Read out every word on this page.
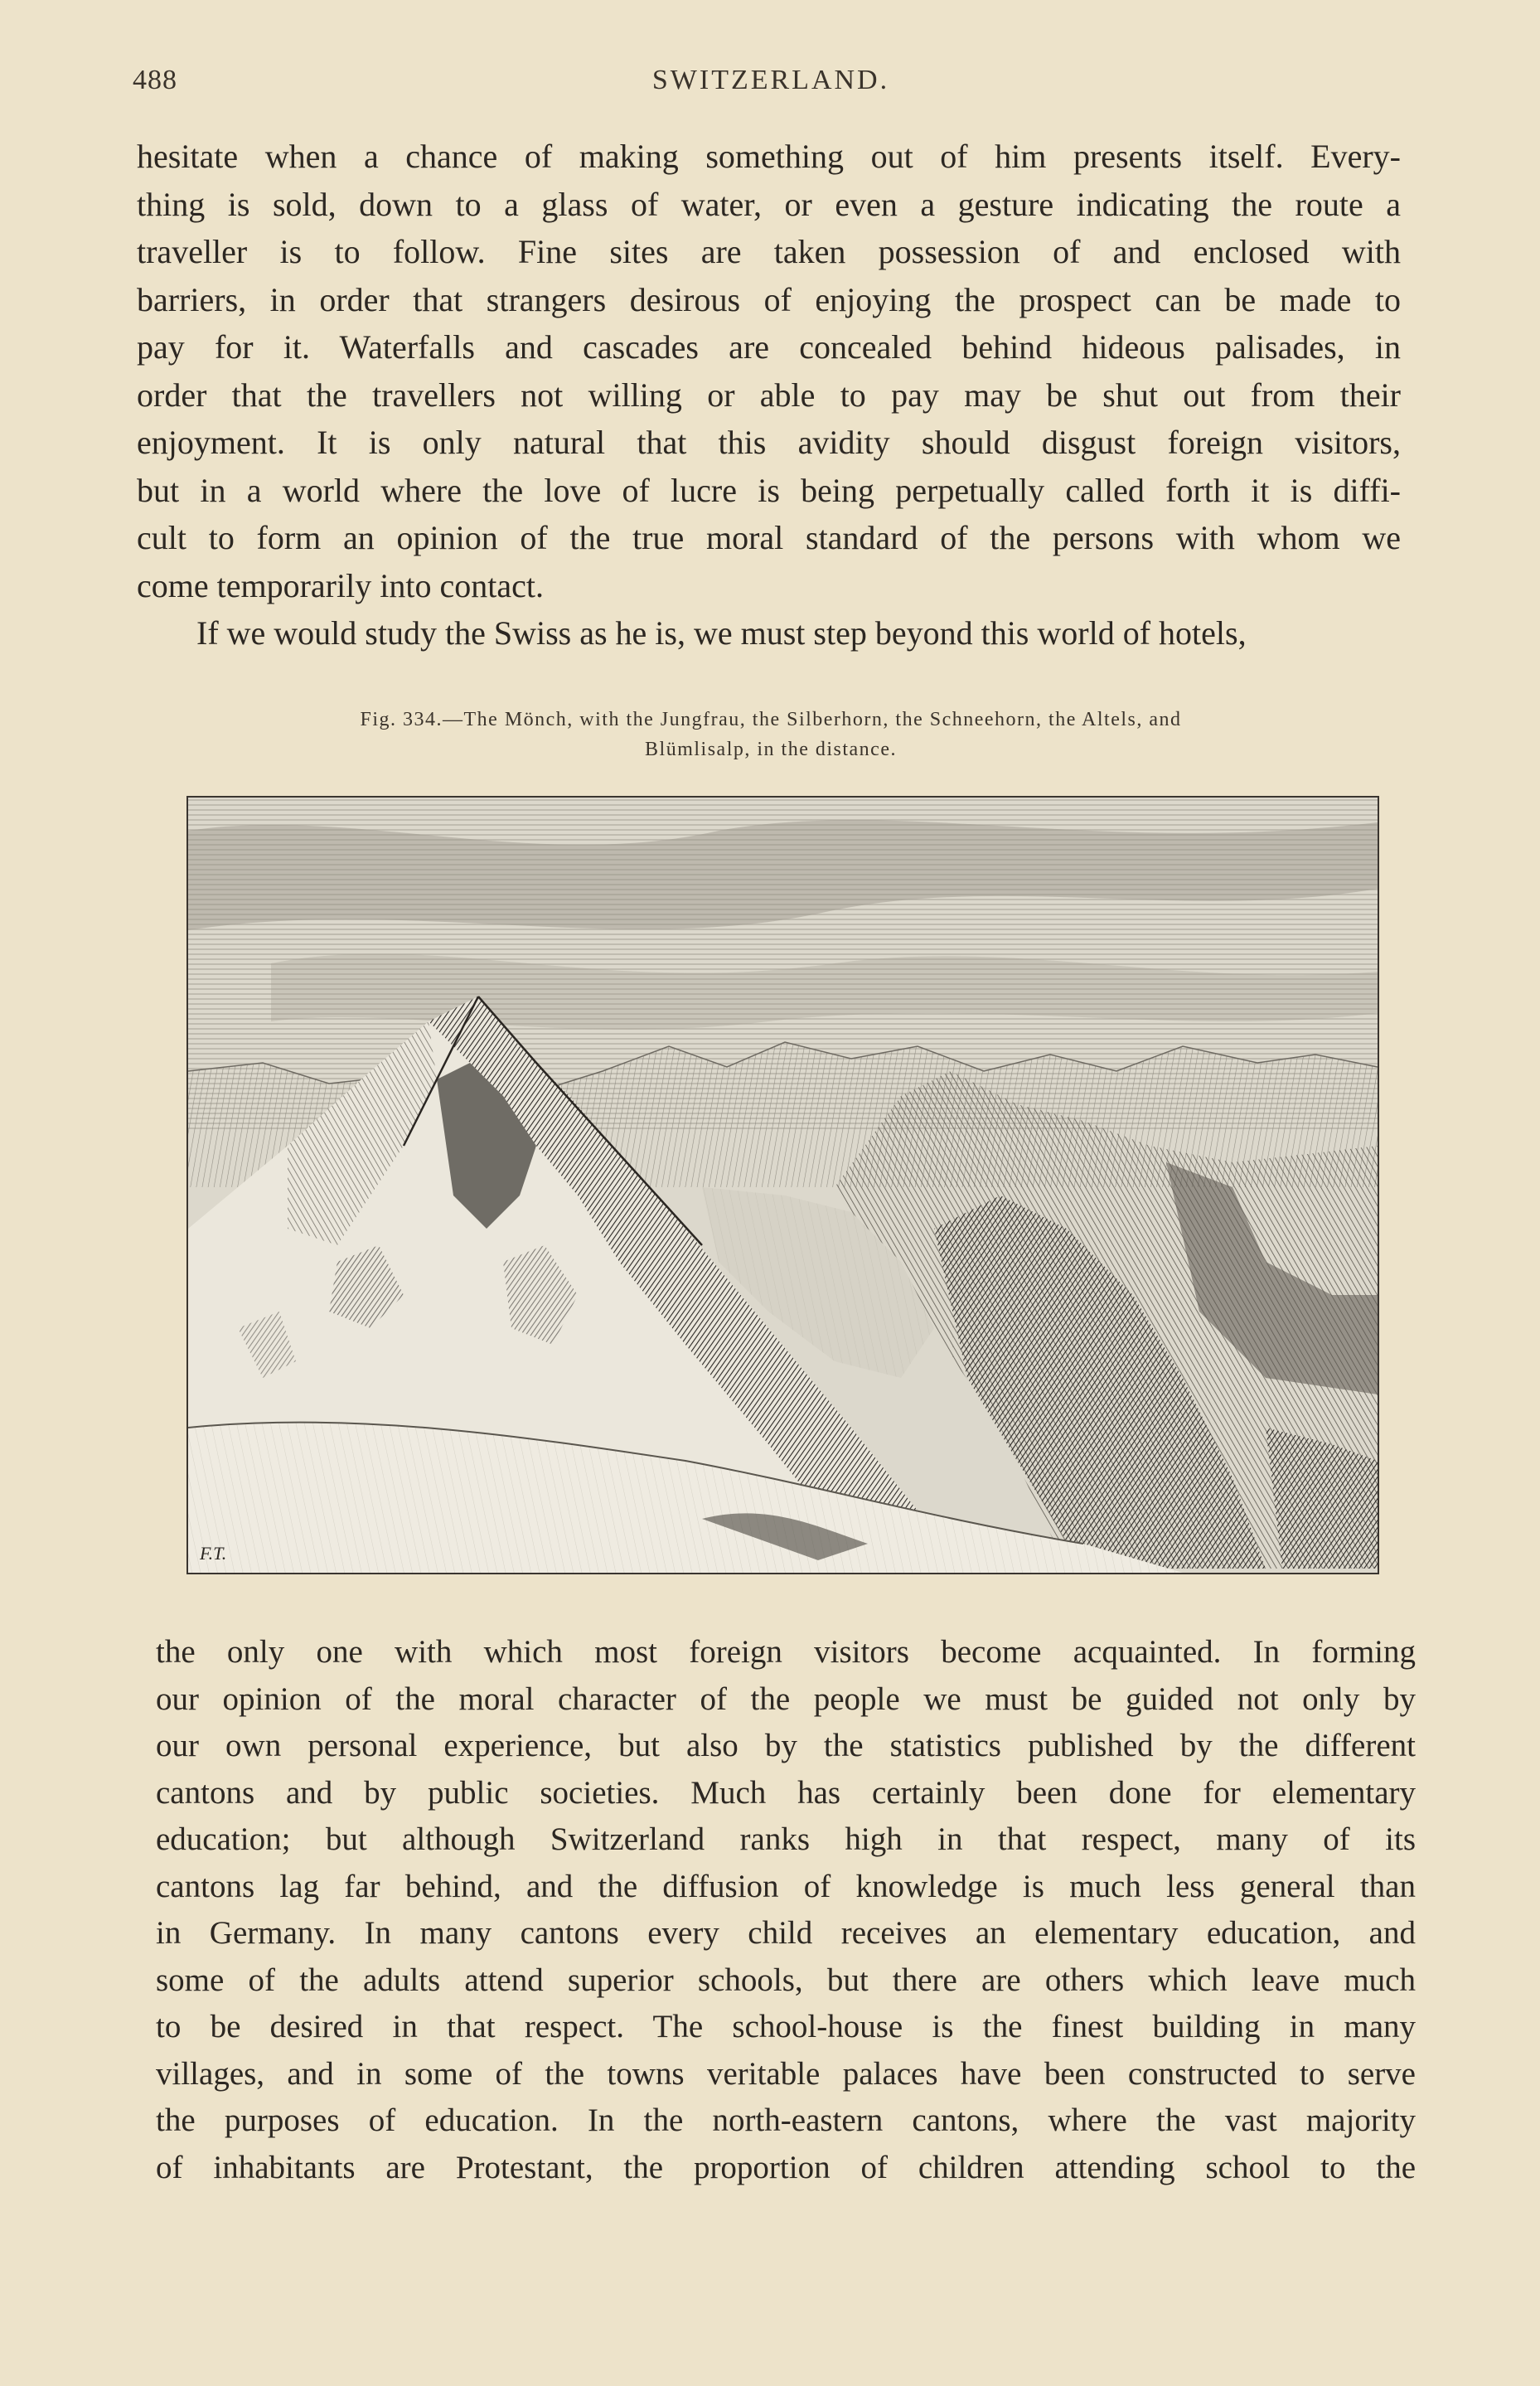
488	SWITZERLAND.
hesitate when a chance of making something out of him presents itself. Every-
thing is sold, down to a glass of water, or even a gesture indicating the route a
traveller is to follow. Fine sites are taken possession of and enclosed with
barriers, in order that strangers desirous of enjoying the prospect can be made to
pay for it. Waterfalls and cascades are concealed behind hideous palisades, in
order that the travellers not willing or able to pay may be shut out from their
enjoyment. It is only natural that this avidity should disgust foreign visitors,
but in a world where the love of lucre is being perpetually called forth it is diffi-
cult to form an opinion of the true moral standard of the persons with whom we
come temporarily into contact.
If we would study the Swiss as he is, we must step beyond this world of hotels,
Fig. 334.—The Mönch, with the Jungfrau, the Silberhorn, the Schneehorn, the Altels, and
Blümlisalp, in the distance.
F.T.
the only one with which most foreign visitors become acquainted. In forming
our opinion of the moral character of the people we must be guided not only by
our own personal experience, but also by the statistics published by the different
cantons and by public societies. Much has certainly been done for elementary
education; but although Switzerland ranks high in that respect, many of its
cantons lag far behind, and the diffusion of knowledge is much less general than
in Germany. In many cantons every child receives an elementary education, and
some of the adults attend superior schools, but there are others which leave much
to be desired in that respect. The school-house is the finest building in many
villages, and in some of the towns veritable palaces have been constructed to serve
the purposes of education. In the north-eastern cantons, where the vast majority
of inhabitants are Protestant, the proportion of children attending school to the
